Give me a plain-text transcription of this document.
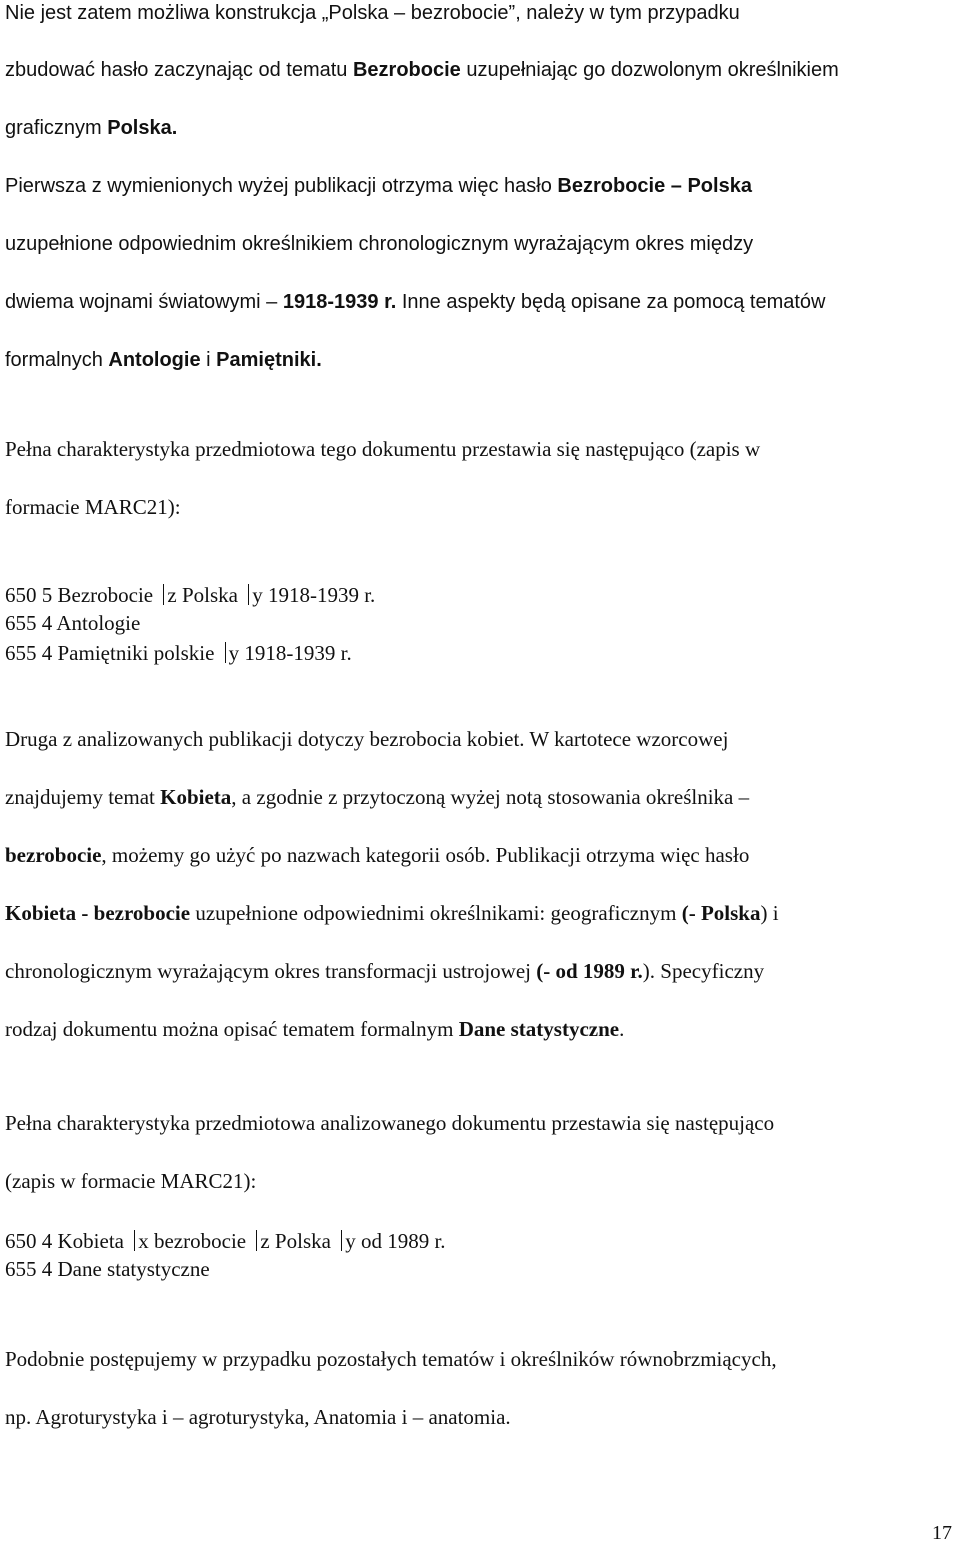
Nie jest zatem możliwa konstrukcja „Polska – bezrobocie”, należy w tym przypadku
zbudować hasło zaczynając od tematu Bezrobocie uzupełniając go dozwolonym określnikiem
graficznym Polska.
Pierwsza z wymienionych wyżej publikacji otrzyma więc hasło Bezrobocie – Polska
uzupełnione odpowiednim określnikiem chronologicznym wyrażającym okres między
dwiema wojnami światowymi – 1918-1939 r. Inne aspekty będą opisane za pomocą tematów
formalnych Antologie i Pamiętniki.
Pełna charakterystyka przedmiotowa tego dokumentu przestawia się następująco (zapis w
formacie MARC21):
650 5 Bezrobocie z Polska y 1918-1939 r.
655 4 Antologie
655 4 Pamiętniki polskie y 1918-1939 r.
Druga z analizowanych publikacji dotyczy bezrobocia kobiet. W kartotece wzorcowej
znajdujemy temat Kobieta, a zgodnie z przytoczoną wyżej notą stosowania określnika –
bezrobocie, możemy go użyć po nazwach kategorii osób. Publikacji otrzyma więc hasło
Kobieta - bezrobocie uzupełnione odpowiednimi określnikami: geograficznym (- Polska) i
chronologicznym wyrażającym okres transformacji ustrojowej (- od 1989 r.). Specyficzny
rodzaj dokumentu można opisać tematem formalnym Dane statystyczne.
Pełna charakterystyka przedmiotowa analizowanego dokumentu przestawia się następująco
(zapis w formacie MARC21):
650 4 Kobieta x bezrobocie z Polska y od 1989 r.
655 4 Dane statystyczne
Podobnie postępujemy w przypadku pozostałych tematów i określników równobrzmiących,
np. Agroturystyka i – agroturystyka, Anatomia i – anatomia.
17
